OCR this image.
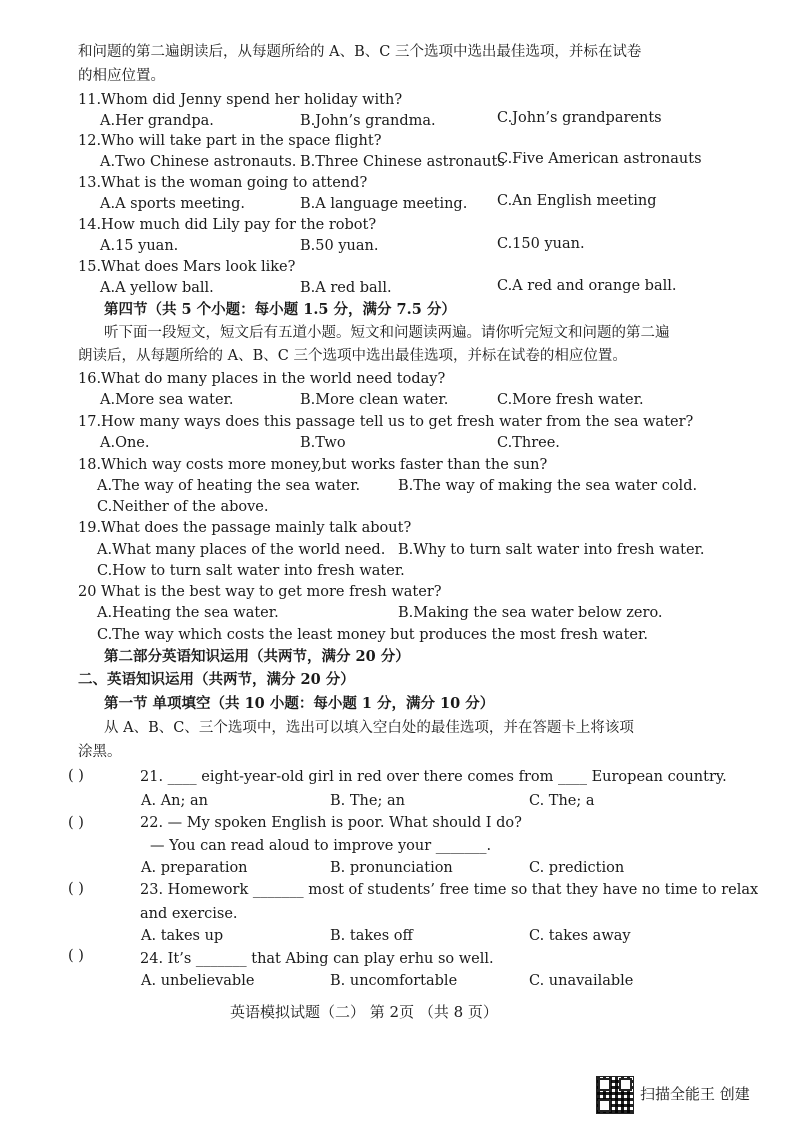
和问题的第二遍朗读后，从每题所给的 A、B、C 三个选项中选出最佳选项，并标在试卷
的相应位置。
11.Whom did Jenny spend her holiday with?
A.Her grandpa.	B.John’s grandma.	C.John’s grandparents
12.Who will take part in the space flight?
A.Two Chinese astronauts. B.Three Chinese astronauts
C.Five American astronauts
13.What is the woman going to attend?
A.A sports meeting.	B.A language meeting. C.An English meeting
14.How much did Lily pay for the robot?
A.15 yuan.	B.50 yuan.	C.150 yuan.
15.What does Mars look like?
A.A yellow ball.	B.A red ball.	C.A red and orange ball.
第四节（共 5 个小题：每小题 1.5 分，满分 7.5 分）
听下面一段短文，短文后有五道小题。短文和问题读两遍。请你听完短文和问题的第二遍
朗读后，从每题所给的 A、B、C 三个选项中选出最佳选项，并标在试卷的相应位置。
16.What do many places in the world need today?
A.More sea water.	B.More clean water.	C.More fresh water.
17.How many ways does this passage tell us to get fresh water from the sea water?
A.One.	B.Two	C.Three.
18.Which way costs more money,but works faster than the sun?
A.The way of heating the sea water.	B.The way of making the sea water cold.
C.Neither of the above.
19.What does the passage mainly talk about?
A.What many places of the world need. B.Why to turn salt water into fresh water.
C.How to turn salt water into fresh water.
20 What is the best way to get more fresh water?
A.Heating the sea water.	B.Making the sea water below zero.
C.The way which costs the least money but produces the most fresh water.
第二部分英语知识运用（共两节，满分 20 分）
二、英语知识运用（共两节，满分 20 分）
第一节 单项填空（共 10 小题：每小题 1 分，满分 10 分）
从 A、B、C、三个选项中，选出可以填入空白处的最佳选项，并在答题卡上将该项
涂黑。
( )	21. ____ eight-year-old girl in red over there comes from ____ European country.
A. An; an	B. The; an	C. The; a
( )	22. — My spoken English is poor. What should I do?
— You can read aloud to improve your _______.
A. preparation	B. pronunciation	C. prediction
( )	23. Homework _______ most of students’ free time so that they have no time to relax
and exercise.
A. takes up	B. takes off	C. takes away
( )	24. It’s _______ that Abing can play erhu so well.
A. unbelievable	B. uncomfortable	C. unavailable
英语模拟试题（二） 第 2页 （共 8 页）
扫描全能王 创建
